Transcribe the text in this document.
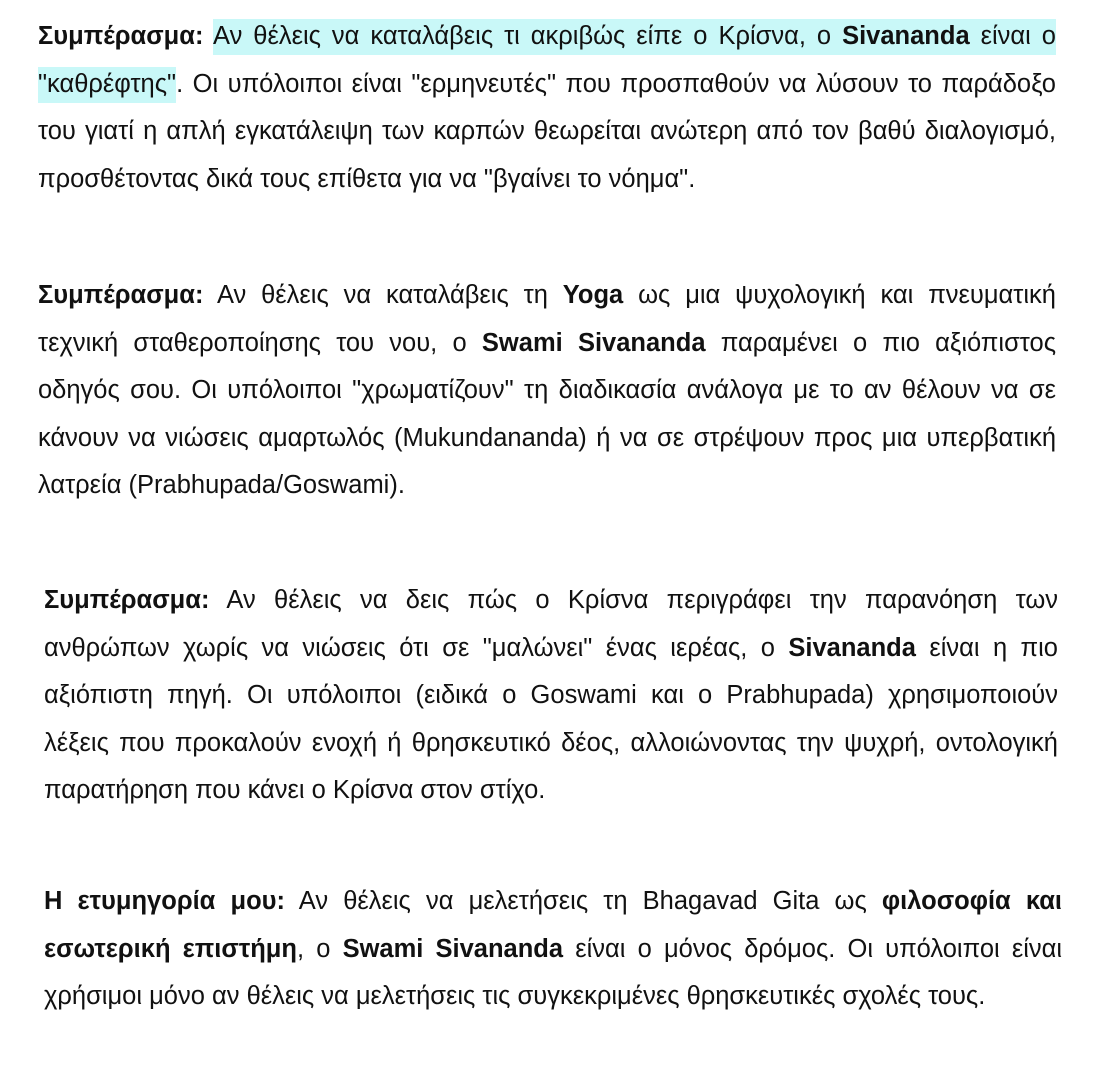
Συμπέρασμα: Αν θέλεις να καταλάβεις τι ακριβώς είπε ο Κρίσνα, ο Sivananda είναι ο "καθρέφτης". Οι υπόλοιποι είναι "ερμηνευτές" που προσπαθούν να λύσουν το παράδοξο του γιατί η απλή εγκατάλειψη των καρπών θεωρείται ανώτερη από τον βαθύ διαλογισμό, προσθέτοντας δικά τους επίθετα για να "βγαίνει το νόημα".

Συμπέρασμα: Αν θέλεις να καταλάβεις τη Yoga ως μια ψυχολογική και πνευματική τεχνική σταθεροποίησης του νου, ο Swami Sivananda παραμένει ο πιο αξιόπιστος οδηγός σου. Οι υπόλοιποι "χρωματίζουν" τη διαδικασία ανάλογα με το αν θέλουν να σε κάνουν να νιώσεις αμαρτωλός (Mukundananda) ή να σε στρέψουν προς μια υπερβατική λατρεία (Prabhupada/Goswami).

Συμπέρασμα: Αν θέλεις να δεις πώς ο Κρίσνα περιγράφει την παρανόηση των ανθρώπων χωρίς να νιώσεις ότι σε "μαλώνει" ένας ιερέας, ο Sivananda είναι η πιο αξιόπιστη πηγή. Οι υπόλοιποι (ειδικά ο Goswami και ο Prabhupada) χρησιμοποιούν λέξεις που προκαλούν ενοχή ή θρησκευτικό δέος, αλλοιώνοντας την ψυχρή, οντολογική παρατήρηση που κάνει ο Κρίσνα στον στίχο.

Η ετυμηγορία μου: Αν θέλεις να μελετήσεις τη Bhagavad Gita ως φιλοσοφία και εσωτερική επιστήμη, ο Swami Sivananda είναι ο μόνος δρόμος. Οι υπόλοιποι είναι χρήσιμοι μόνο αν θέλεις να μελετήσεις τις συγκεκριμένες θρησκευτικές σχολές τους.
